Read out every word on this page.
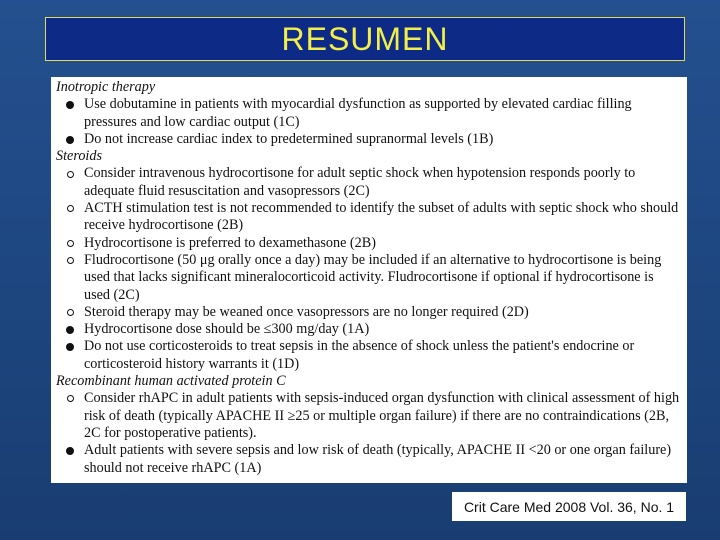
RESUMEN
Inotropic therapy
Use dobutamine in patients with myocardial dysfunction as supported by elevated cardiac filling pressures and low cardiac output (1C)
Do not increase cardiac index to predetermined supranormal levels (1B)
Steroids
Consider intravenous hydrocortisone for adult septic shock when hypotension responds poorly to adequate fluid resuscitation and vasopressors (2C)
ACTH stimulation test is not recommended to identify the subset of adults with septic shock who should receive hydrocortisone (2B)
Hydrocortisone is preferred to dexamethasone (2B)
Fludrocortisone (50 μg orally once a day) may be included if an alternative to hydrocortisone is being used that lacks significant mineralocorticoid activity. Fludrocortisone if optional if hydrocortisone is used (2C)
Steroid therapy may be weaned once vasopressors are no longer required (2D)
Hydrocortisone dose should be ≤300 mg/day (1A)
Do not use corticosteroids to treat sepsis in the absence of shock unless the patient's endocrine or corticosteroid history warrants it (1D)
Recombinant human activated protein C
Consider rhAPC in adult patients with sepsis-induced organ dysfunction with clinical assessment of high risk of death (typically APACHE II ≥25 or multiple organ failure) if there are no contraindications (2B, 2C for postoperative patients).
Adult patients with severe sepsis and low risk of death (typically, APACHE II <20 or one organ failure) should not receive rhAPC (1A)
Crit Care Med 2008 Vol. 36, No. 1
